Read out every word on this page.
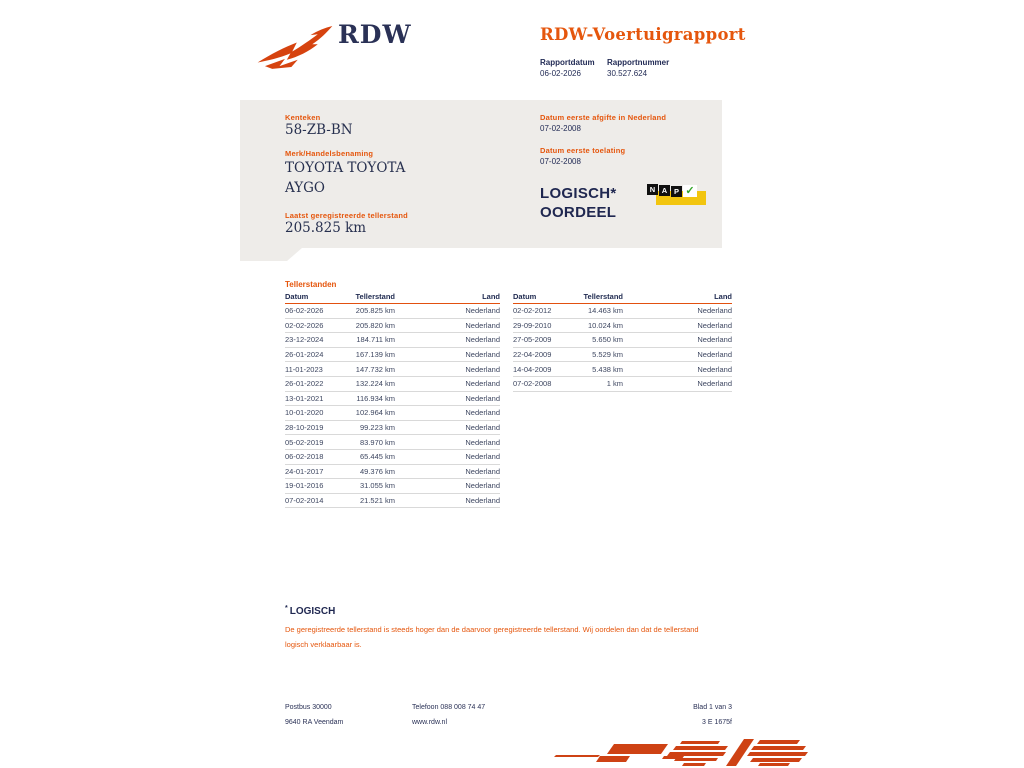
RDW	RDW-Voertuigrapport
Rapportdatum
06-02-2026
Rapportnummer
30.527.624
Kenteken
58-ZB-BN
Merk/Handelsbenaming
TOYOTA TOYOTA AYGO
Laatst geregistreerde tellerstand
205.825 km
Datum eerste afgifte in Nederland
07-02-2008
Datum eerste toelating
07-02-2008
LOGISCH*
OORDEEL
N A P ✓
Tellerstanden
Datum	Tellerstand	Land
06-02-2026	205.825 km	Nederland
02-02-2026	205.820 km	Nederland
23-12-2024	184.711 km	Nederland
26-01-2024	167.139 km	Nederland
11-01-2023	147.732 km	Nederland
26-01-2022	132.224 km	Nederland
13-01-2021	116.934 km	Nederland
10-01-2020	102.964 km	Nederland
28-10-2019	99.223 km	Nederland
05-02-2019	83.970 km	Nederland
06-02-2018	65.445 km	Nederland
24-01-2017	49.376 km	Nederland
19-01-2016	31.055 km	Nederland
07-02-2014	21.521 km	Nederland
Datum	Tellerstand	Land
02-02-2012	14.463 km	Nederland
29-09-2010	10.024 km	Nederland
27-05-2009	5.650 km	Nederland
22-04-2009	5.529 km	Nederland
14-04-2009	5.438 km	Nederland
07-02-2008	1 km	Nederland
* LOGISCH
De geregistreerde tellerstand is steeds hoger dan de daarvoor geregistreerde tellerstand. Wij oordelen dan dat de tellerstand logisch verklaarbaar is.
Postbus 30000
9640 RA Veendam
Telefoon 088 008 74 47
www.rdw.nl
Blad 1 van 3
3 E 1675f
